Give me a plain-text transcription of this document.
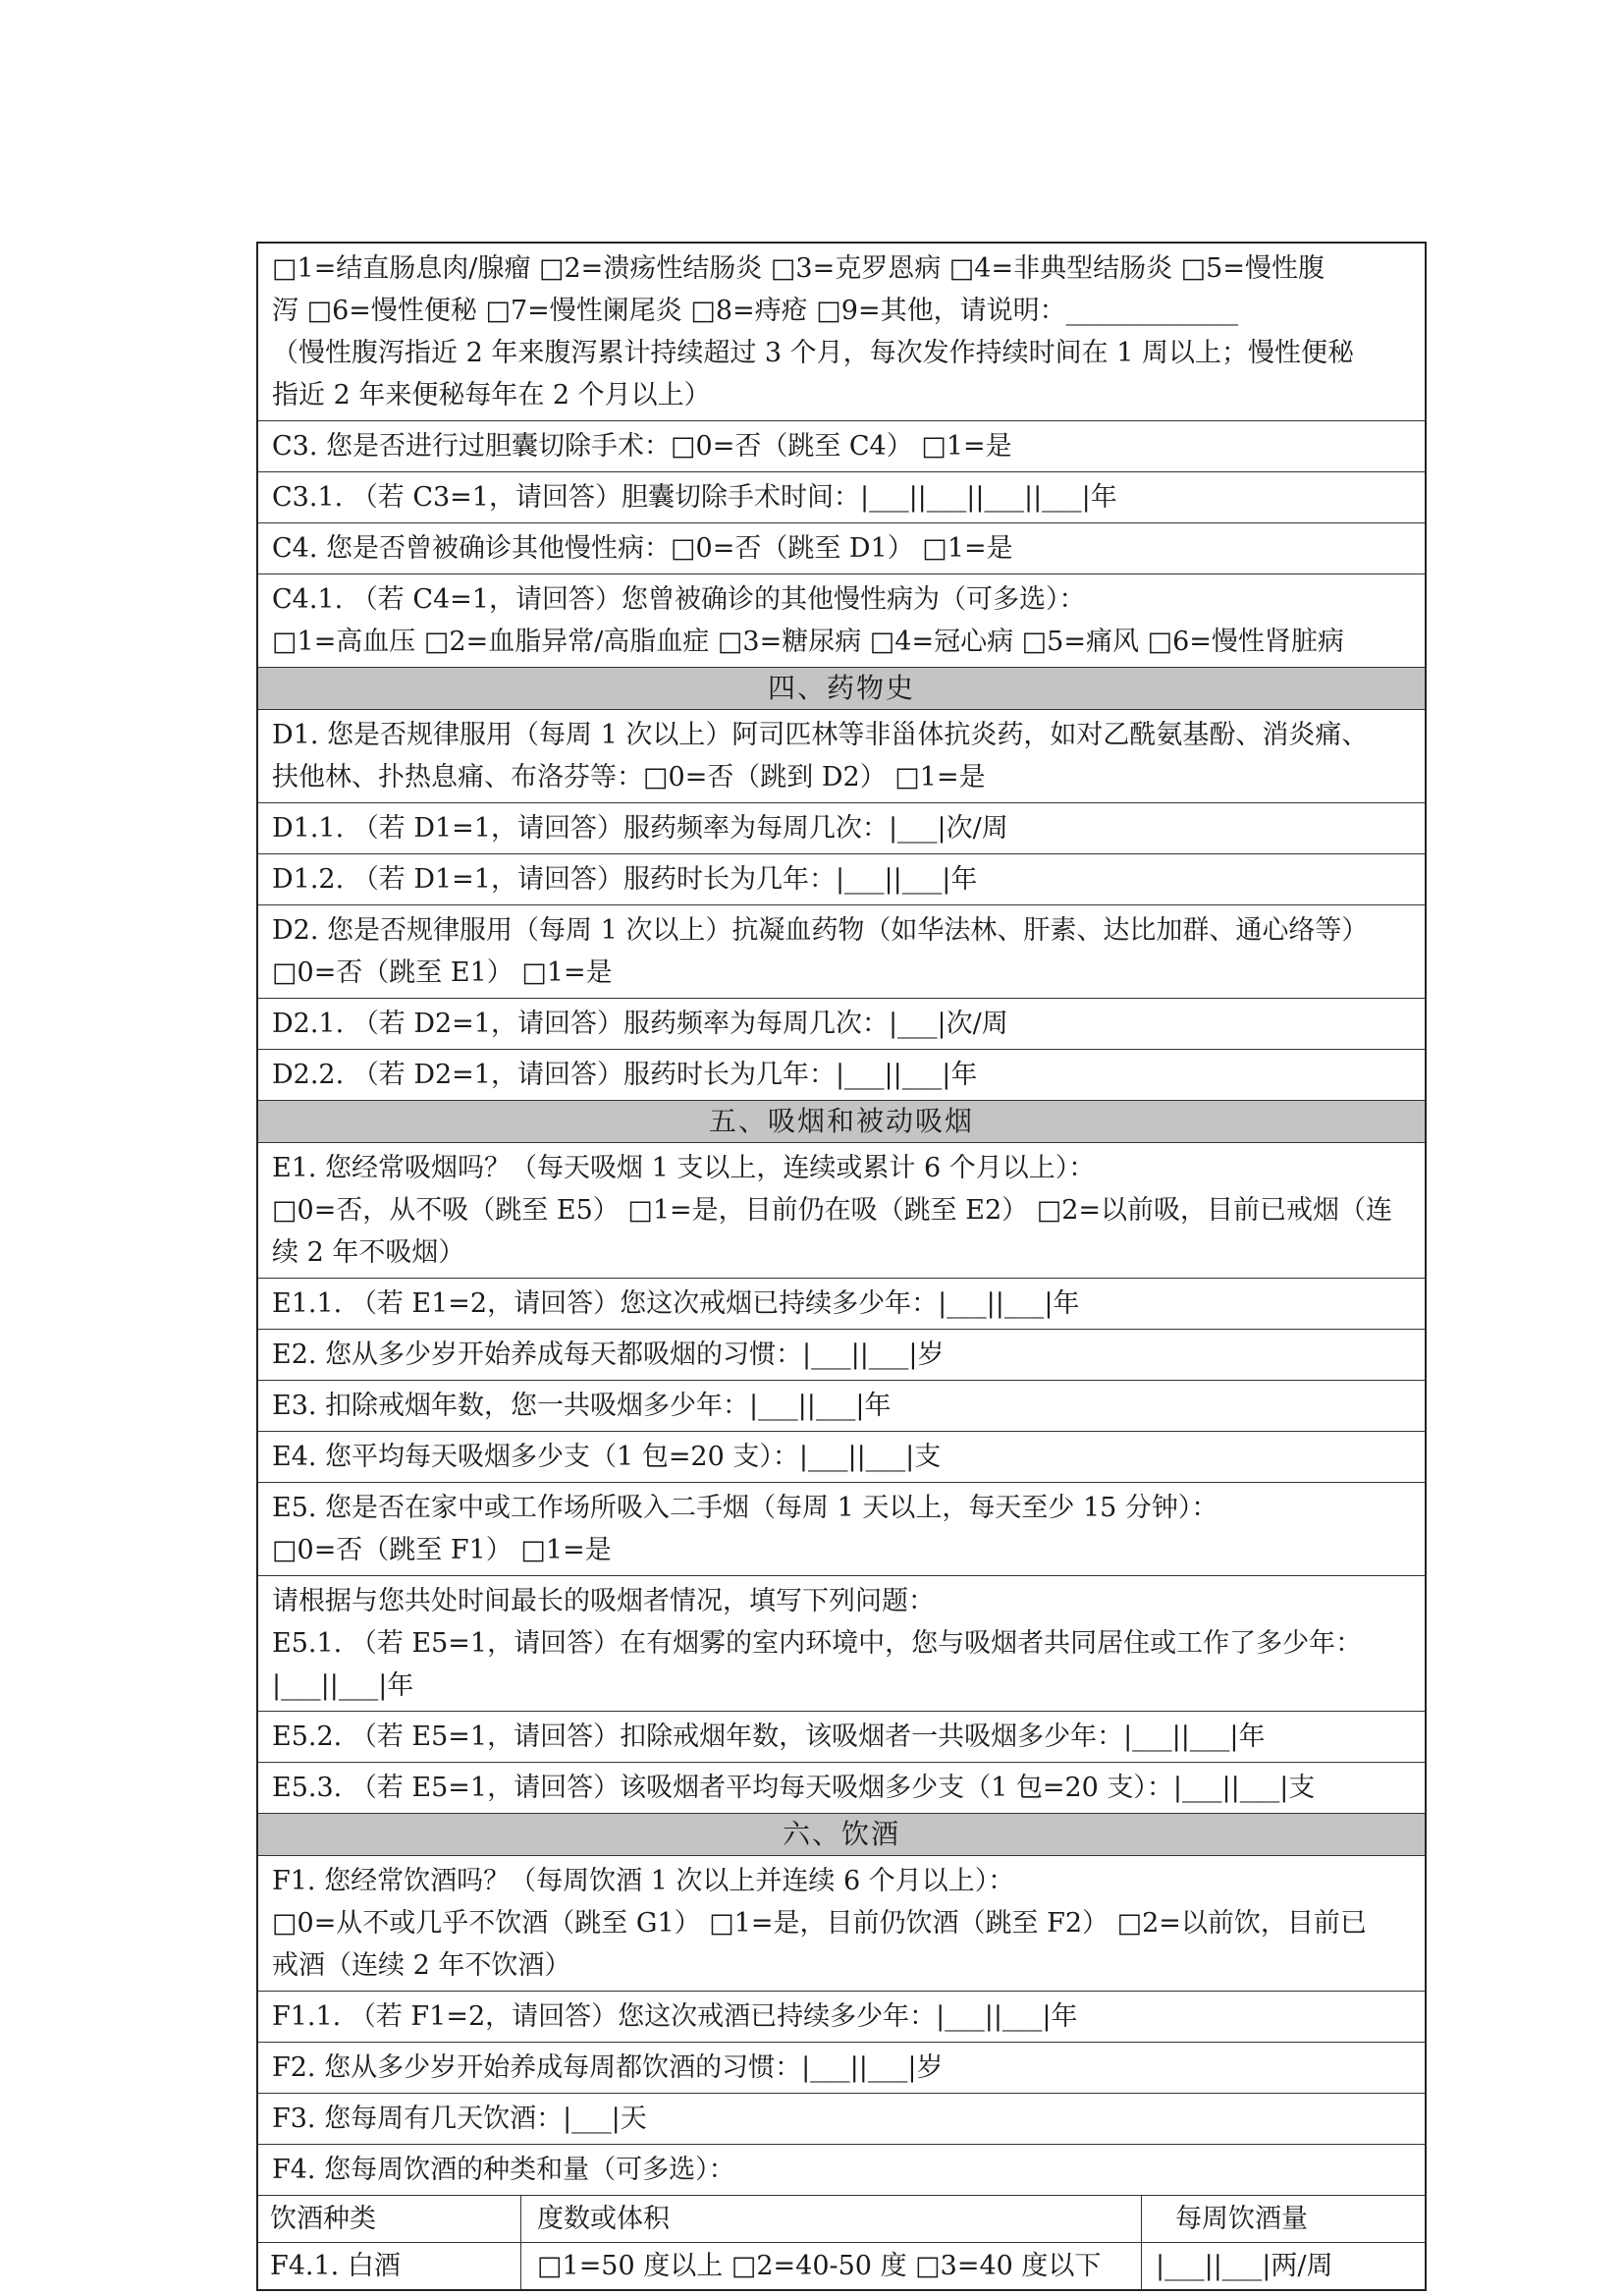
□1=结直肠息肉/腺瘤 □2=溃疡性结肠炎 □3=克罗恩病 □4=非典型结肠炎 □5=慢性腹
泻 □6=慢性便秘 □7=慢性阑尾炎 □8=痔疮 □9=其他，请说明：_____________
（慢性腹泻指近 2 年来腹泻累计持续超过 3 个月，每次发作持续时间在 1 周以上；慢性便秘
指近 2 年来便秘每年在 2 个月以上）
C3. 您是否进行过胆囊切除手术：□0=否（跳至 C4） □1=是
C3.1. （若 C3=1，请回答）胆囊切除手术时间：|___||___||___||___|年
C4. 您是否曾被确诊其他慢性病：□0=否（跳至 D1） □1=是
C4.1. （若 C4=1，请回答）您曾被确诊的其他慢性病为（可多选）：
□1=高血压 □2=血脂异常/高脂血症 □3=糖尿病 □4=冠心病 □5=痛风 □6=慢性肾脏病
四、药物史
D1. 您是否规律服用（每周 1 次以上）阿司匹林等非甾体抗炎药，如对乙酰氨基酚、消炎痛、
扶他林、扑热息痛、布洛芬等：□0=否（跳到 D2） □1=是
D1.1. （若 D1=1，请回答）服药频率为每周几次：|___|次/周
D1.2. （若 D1=1，请回答）服药时长为几年：|___||___|年
D2. 您是否规律服用（每周 1 次以上）抗凝血药物（如华法林、肝素、达比加群、通心络等）
□0=否（跳至 E1） □1=是
D2.1. （若 D2=1，请回答）服药频率为每周几次：|___|次/周
D2.2. （若 D2=1，请回答）服药时长为几年：|___||___|年
五、吸烟和被动吸烟
E1. 您经常吸烟吗？（每天吸烟 1 支以上，连续或累计 6 个月以上）：
□0=否，从不吸（跳至 E5） □1=是，目前仍在吸（跳至 E2） □2=以前吸，目前已戒烟（连
续 2 年不吸烟）
E1.1. （若 E1=2，请回答）您这次戒烟已持续多少年：|___||___|年
E2. 您从多少岁开始养成每天都吸烟的习惯：|___||___|岁
E3. 扣除戒烟年数，您一共吸烟多少年：|___||___|年
E4. 您平均每天吸烟多少支（1 包=20 支）：|___||___|支
E5. 您是否在家中或工作场所吸入二手烟（每周 1 天以上，每天至少 15 分钟）：
□0=否（跳至 F1） □1=是
请根据与您共处时间最长的吸烟者情况，填写下列问题：
E5.1. （若 E5=1，请回答）在有烟雾的室内环境中，您与吸烟者共同居住或工作了多少年：
|___||___|年
E5.2. （若 E5=1，请回答）扣除戒烟年数，该吸烟者一共吸烟多少年：|___||___|年
E5.3. （若 E5=1，请回答）该吸烟者平均每天吸烟多少支（1 包=20 支）：|___||___|支
六、饮酒
F1. 您经常饮酒吗？（每周饮酒 1 次以上并连续 6 个月以上）：
□0=从不或几乎不饮酒（跳至 G1） □1=是，目前仍饮酒（跳至 F2） □2=以前饮，目前已
戒酒（连续 2 年不饮酒）
F1.1. （若 F1=2，请回答）您这次戒酒已持续多少年：|___||___|年
F2. 您从多少岁开始养成每周都饮酒的习惯：|___||___|岁
F3. 您每周有几天饮酒：|___|天
F4. 您每周饮酒的种类和量（可多选）：
饮酒种类	度数或体积	每周饮酒量
F4.1. 白酒	□1=50 度以上 □2=40-50 度 □3=40 度以下	|___||___|两/周
